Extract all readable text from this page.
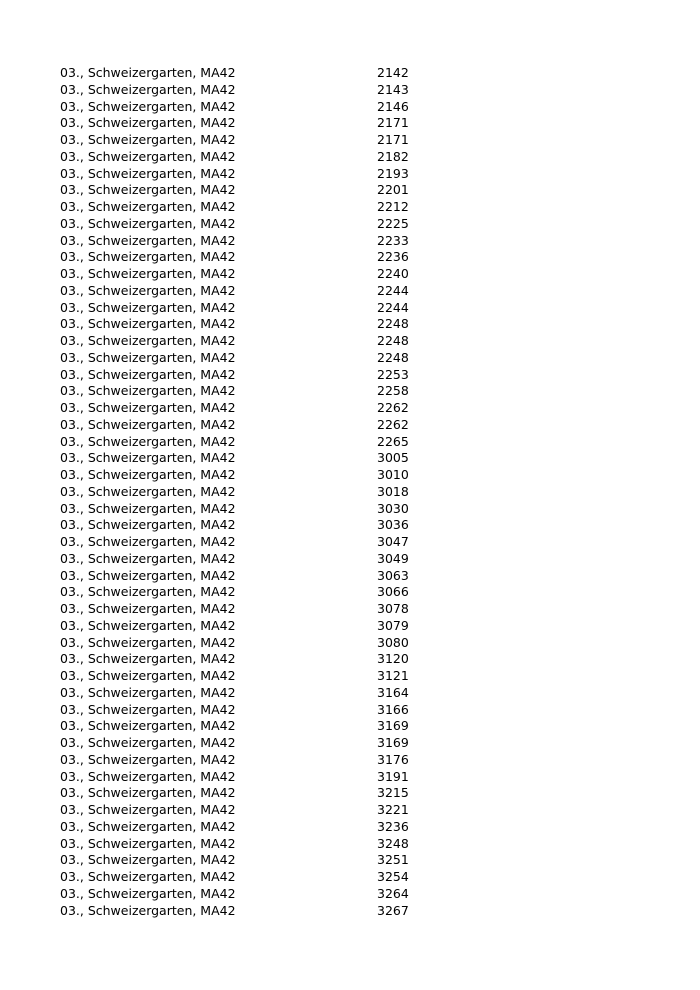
03., Schweizergarten, MA42	2142
03., Schweizergarten, MA42	2143
03., Schweizergarten, MA42	2146
03., Schweizergarten, MA42	2171
03., Schweizergarten, MA42	2171
03., Schweizergarten, MA42	2182
03., Schweizergarten, MA42	2193
03., Schweizergarten, MA42	2201
03., Schweizergarten, MA42	2212
03., Schweizergarten, MA42	2225
03., Schweizergarten, MA42	2233
03., Schweizergarten, MA42	2236
03., Schweizergarten, MA42	2240
03., Schweizergarten, MA42	2244
03., Schweizergarten, MA42	2244
03., Schweizergarten, MA42	2248
03., Schweizergarten, MA42	2248
03., Schweizergarten, MA42	2248
03., Schweizergarten, MA42	2253
03., Schweizergarten, MA42	2258
03., Schweizergarten, MA42	2262
03., Schweizergarten, MA42	2262
03., Schweizergarten, MA42	2265
03., Schweizergarten, MA42	3005
03., Schweizergarten, MA42	3010
03., Schweizergarten, MA42	3018
03., Schweizergarten, MA42	3030
03., Schweizergarten, MA42	3036
03., Schweizergarten, MA42	3047
03., Schweizergarten, MA42	3049
03., Schweizergarten, MA42	3063
03., Schweizergarten, MA42	3066
03., Schweizergarten, MA42	3078
03., Schweizergarten, MA42	3079
03., Schweizergarten, MA42	3080
03., Schweizergarten, MA42	3120
03., Schweizergarten, MA42	3121
03., Schweizergarten, MA42	3164
03., Schweizergarten, MA42	3166
03., Schweizergarten, MA42	3169
03., Schweizergarten, MA42	3169
03., Schweizergarten, MA42	3176
03., Schweizergarten, MA42	3191
03., Schweizergarten, MA42	3215
03., Schweizergarten, MA42	3221
03., Schweizergarten, MA42	3236
03., Schweizergarten, MA42	3248
03., Schweizergarten, MA42	3251
03., Schweizergarten, MA42	3254
03., Schweizergarten, MA42	3264
03., Schweizergarten, MA42	3267
